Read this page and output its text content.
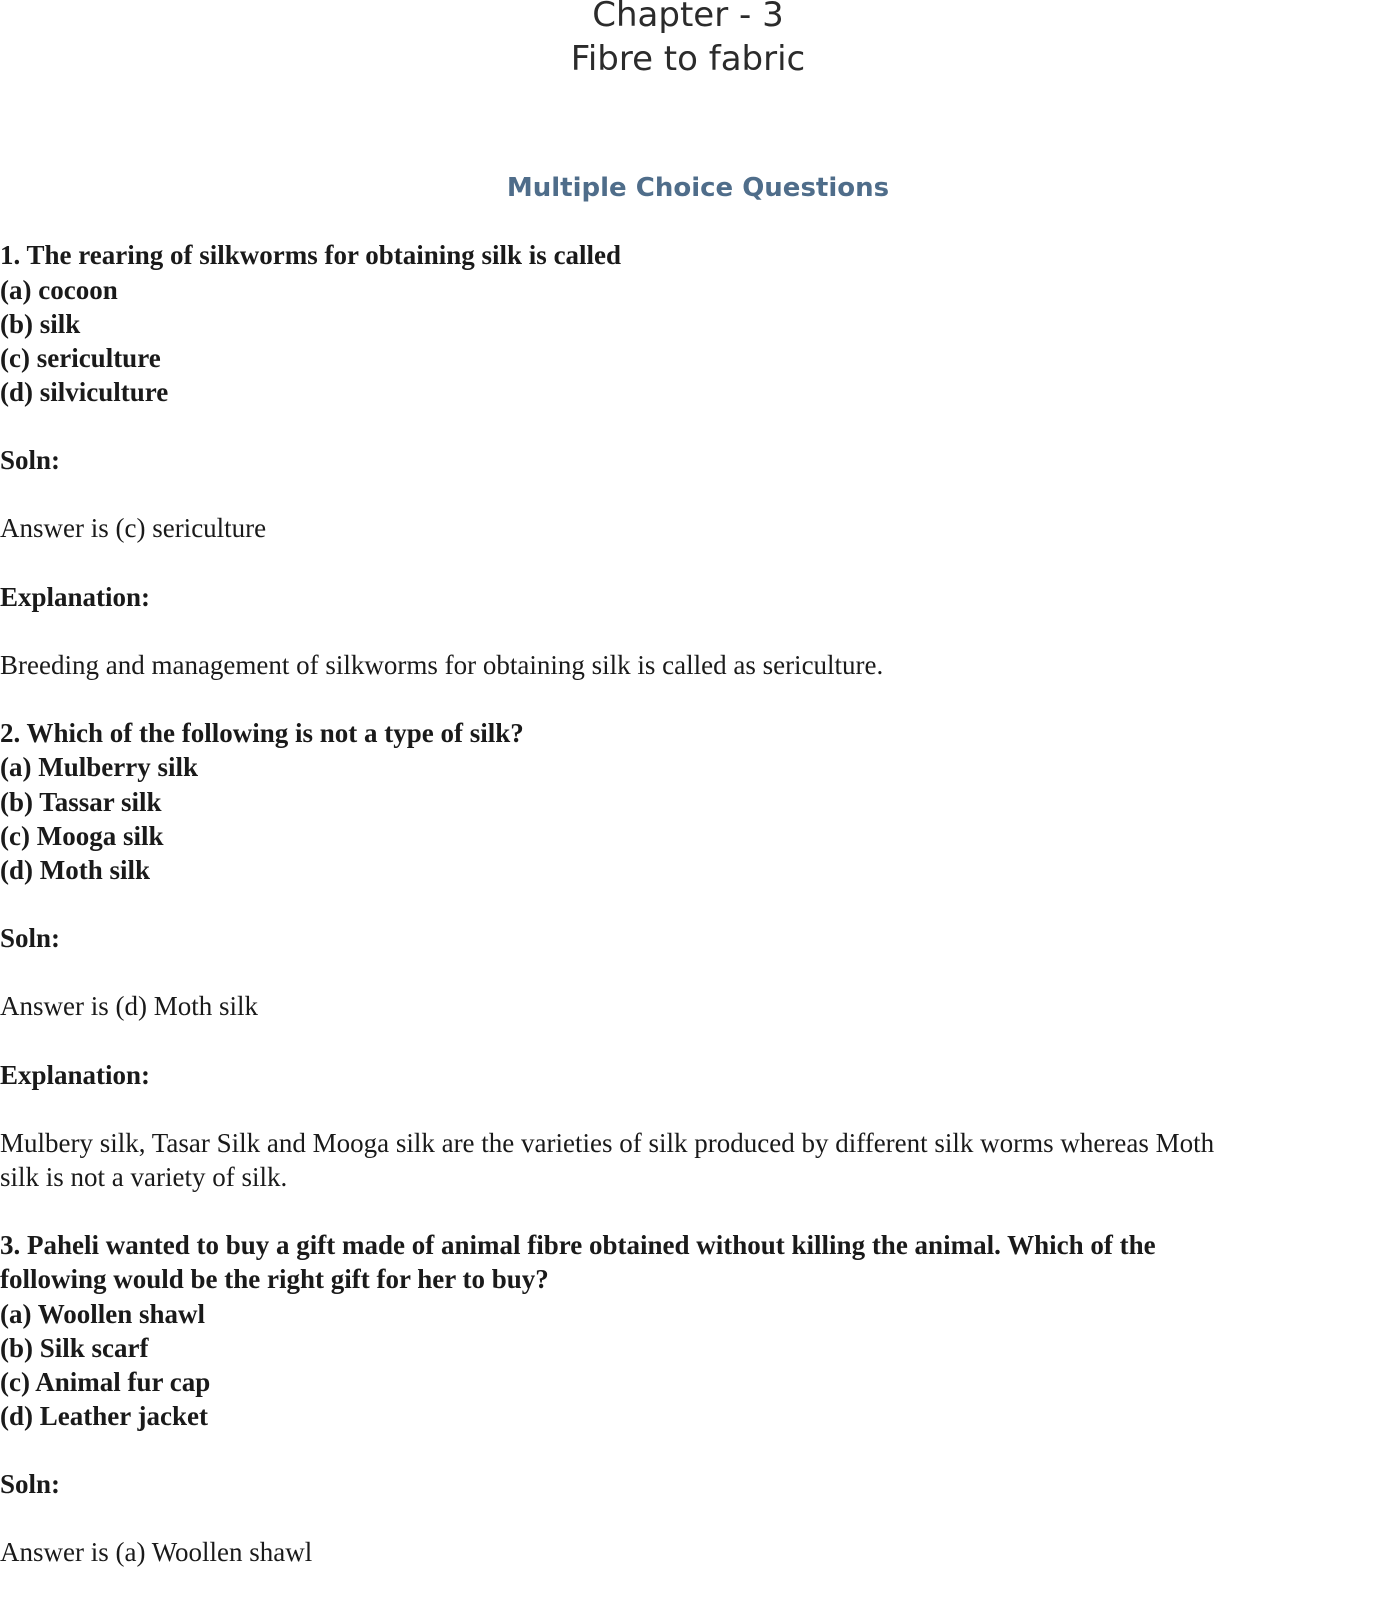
Chapter - 3
Fibre to fabric
Multiple Choice Questions

1. The rearing of silkworms for obtaining silk is called

(a) cocoon

(b) silk

(c) sericulture

(d) silviculture

Soln:

Answer is (c) sericulture

Explanation:

Breeding and management of silkworms for obtaining silk is called as sericulture.

2. Which of the following is not a type of silk?

(a) Mulberry silk

(b) Tassar silk

(c) Mooga silk

(d) Moth silk

Soln:

Answer is (d) Moth silk

Explanation:

Mulbery silk, Tasar Silk and Mooga silk are the varieties of silk produced by different silk worms whereas Moth

silk is not a variety of silk.

3. Paheli wanted to buy a gift made of animal fibre obtained without killing the animal. Which of the

following would be the right gift for her to buy?

(a) Woollen shawl

(b) Silk scarf

(c) Animal fur cap

(d) Leather jacket

Soln:

Answer is (a) Woollen shawl
